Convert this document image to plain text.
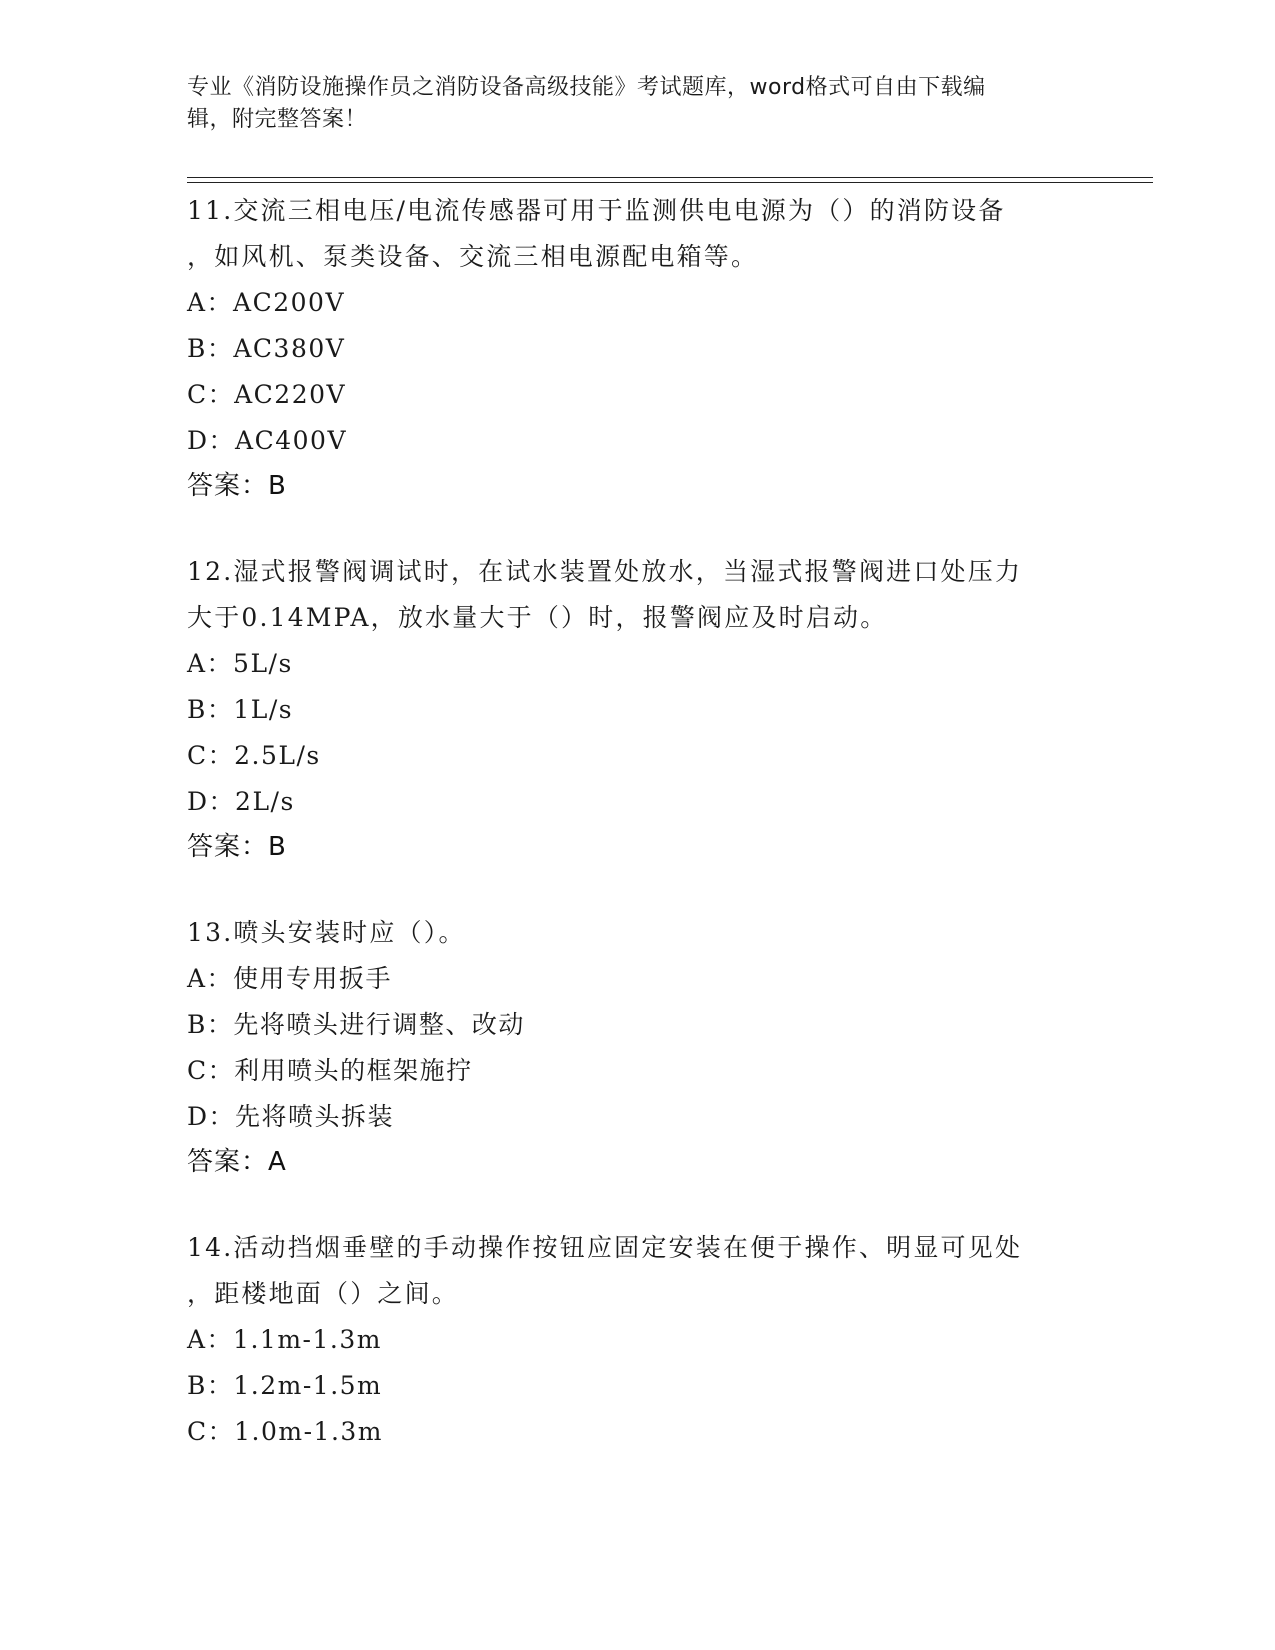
专业《消防设施操作员之消防设备高级技能》考试题库，word格式可自由下载编
辑，附完整答案！
11.交流三相电压/电流传感器可用于监测供电电源为（）的消防设备
，如风机、泵类设备、交流三相电源配电箱等。
A：AC200V
B：AC380V
C：AC220V
D：AC400V
答案：B
12.湿式报警阀调试时，在试水装置处放水，当湿式报警阀进口处压力
大于0.14MPA，放水量大于（）时，报警阀应及时启动。
A：5L/s
B：1L/s
C：2.5L/s
D：2L/s
答案：B
13.喷头安装时应（）。
A：使用专用扳手
B：先将喷头进行调整、改动
C：利用喷头的框架施拧
D：先将喷头拆装
答案：A
14.活动挡烟垂壁的手动操作按钮应固定安装在便于操作、明显可见处
，距楼地面（）之间。
A：1.1m-1.3m
B：1.2m-1.5m
C：1.0m-1.3m
